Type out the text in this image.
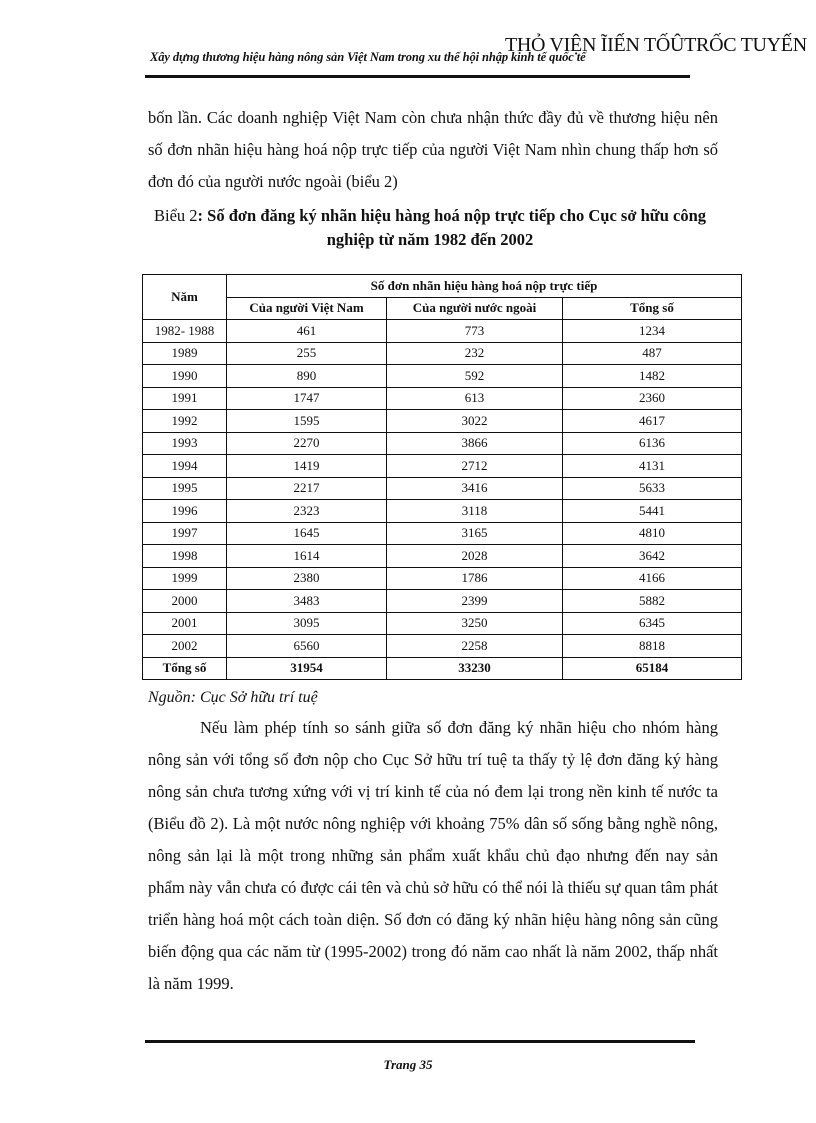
Xây dựng thương hiệu hàng nông sản Việt Nam trong xu thế hội nhập kinh tế quốc tế
THỎ VIỆN ĨIẾN TỐÛTRỐC TUYẾN

bốn lần. Các doanh nghiệp Việt Nam còn chưa nhận thức đầy đủ về thương hiệu nên số đơn nhãn hiệu hàng hoá nộp trực tiếp của người Việt Nam nhìn chung thấp hơn số đơn đó của người nước ngoài (biểu 2)

Biểu 2: Số đơn đăng ký nhãn hiệu hàng hoá nộp trực tiếp cho Cục sở hữu công nghiệp từ năm 1982 đến 2002

Năm	Số đơn nhãn hiệu hàng hoá nộp trực tiếp		
	Của người Việt Nam	Của người nước ngoài	Tổng số
1982- 1988	461	773	1234
1989	255	232	487
1990	890	592	1482
1991	1747	613	2360
1992	1595	3022	4617
1993	2270	3866	6136
1994	1419	2712	4131
1995	2217	3416	5633
1996	2323	3118	5441
1997	1645	3165	4810
1998	1614	2028	3642
1999	2380	1786	4166
2000	3483	2399	5882
2001	3095	3250	6345
2002	6560	2258	8818
Tổng số	31954	33230	65184

Nguồn: Cục Sở hữu trí tuệ

Nếu làm phép tính so sánh giữa số đơn đăng ký nhãn hiệu cho nhóm hàng nông sản với tổng số đơn nộp cho Cục Sở hữu trí tuệ ta thấy tỷ lệ đơn đăng ký hàng nông sản chưa tương xứng với vị trí kinh tế của nó đem lại trong nền kinh tế nước ta (Biểu đồ 2). Là một nước nông nghiệp với khoảng 75% dân số sống bằng nghề nông, nông sản lại là một trong những sản phẩm xuất khẩu chủ đạo nhưng đến nay sản phẩm này vẫn chưa có được cái tên và chủ sở hữu có thể nói là thiếu sự quan tâm phát triển hàng hoá một cách toàn diện. Số đơn có đăng ký nhãn hiệu hàng nông sản cũng biến động qua các năm từ (1995-2002) trong đó năm cao nhất là năm 2002, thấp nhất là năm 1999.

Trang 35
